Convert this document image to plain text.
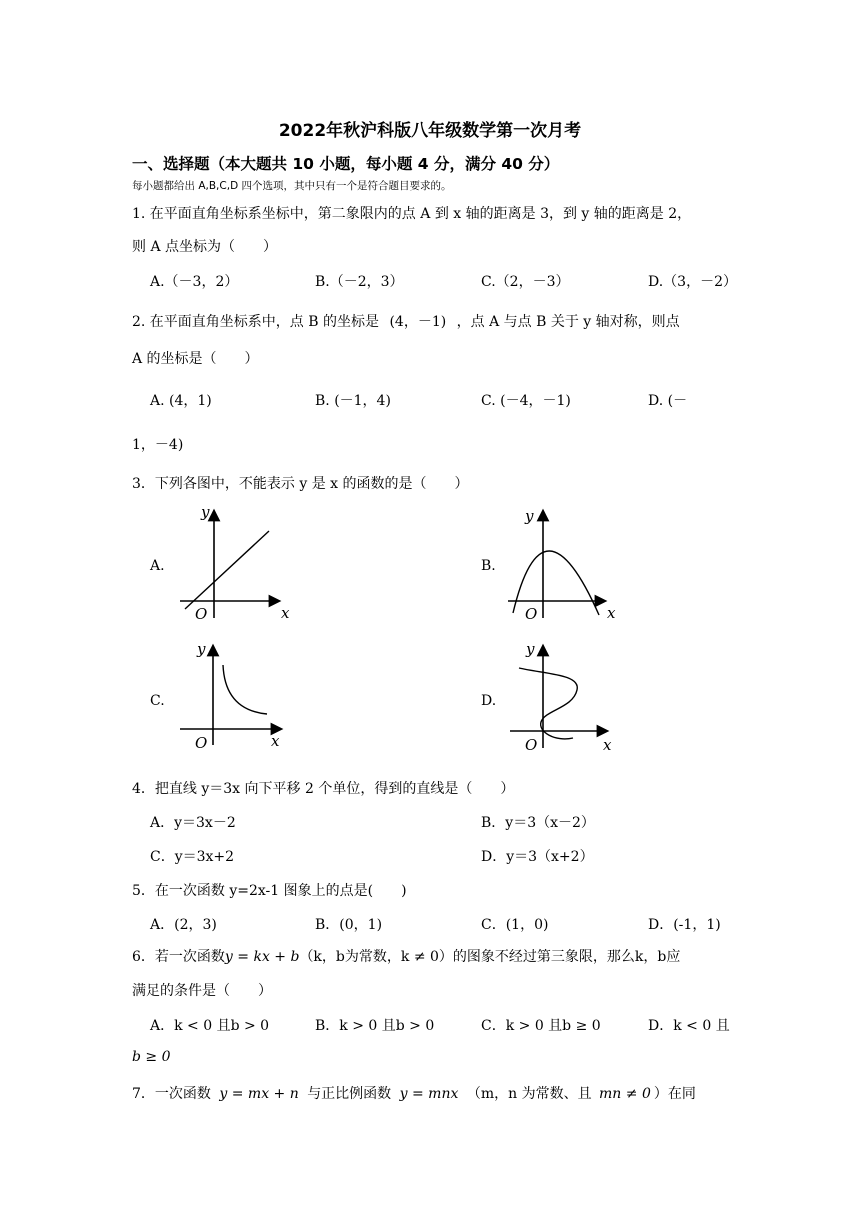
2022年秋沪科版八年级数学第一次月考
一、选择题（本大题共 10 小题，每小题 4 分，满分 40 分）
每小题都给出 A,B,C,D 四个选项，其中只有一个是符合题目要求的。
1. 在平面直角坐标系坐标中，第二象限内的点 A 到 x 轴的距离是 3，到 y 轴的距离是 2，
则 A 点坐标为（　　）
A.（－3，2）	B.（－2，3）	C.（2，－3）	D.（3，－2）
2. 在平面直角坐标系中，点 B 的坐标是 (4，－1) ，点 A 与点 B 关于 y 轴对称，则点
A 的坐标是（　　）
A. (4，1)	B. (－1，4)	C. (－4，－1)	D. (－
1，－4)
3．下列各图中，不能表示 y 是 x 的函数的是（　　）
A.	B.
C.	D.
y
x
O
y
x
O
y
x
O
y
x
O
4．把直线 y＝3x 向下平移 2 个单位，得到的直线是（　　）
A．y＝3x－2	B．y＝3（x－2）
C．y＝3x+2	D．y＝3（x+2）
5．在一次函数 y=2x-1 图象上的点是(　　)
A．(2，3)	B．(0，1)	C．(1，0)	D．(-1，1)
6．若一次函数y = kx + b（k，b为常数，k ≠ 0）的图象不经过第三象限，那么k，b应
满足的条件是（　　）
A．k < 0 且b > 0	B．k > 0 且b > 0	C．k > 0 且b ≥ 0	D．k < 0 且
b ≥ 0
7．一次函数 y = mx + n 与正比例函数 y = mnx （m，n 为常数、且 mn ≠ 0 ）在同
